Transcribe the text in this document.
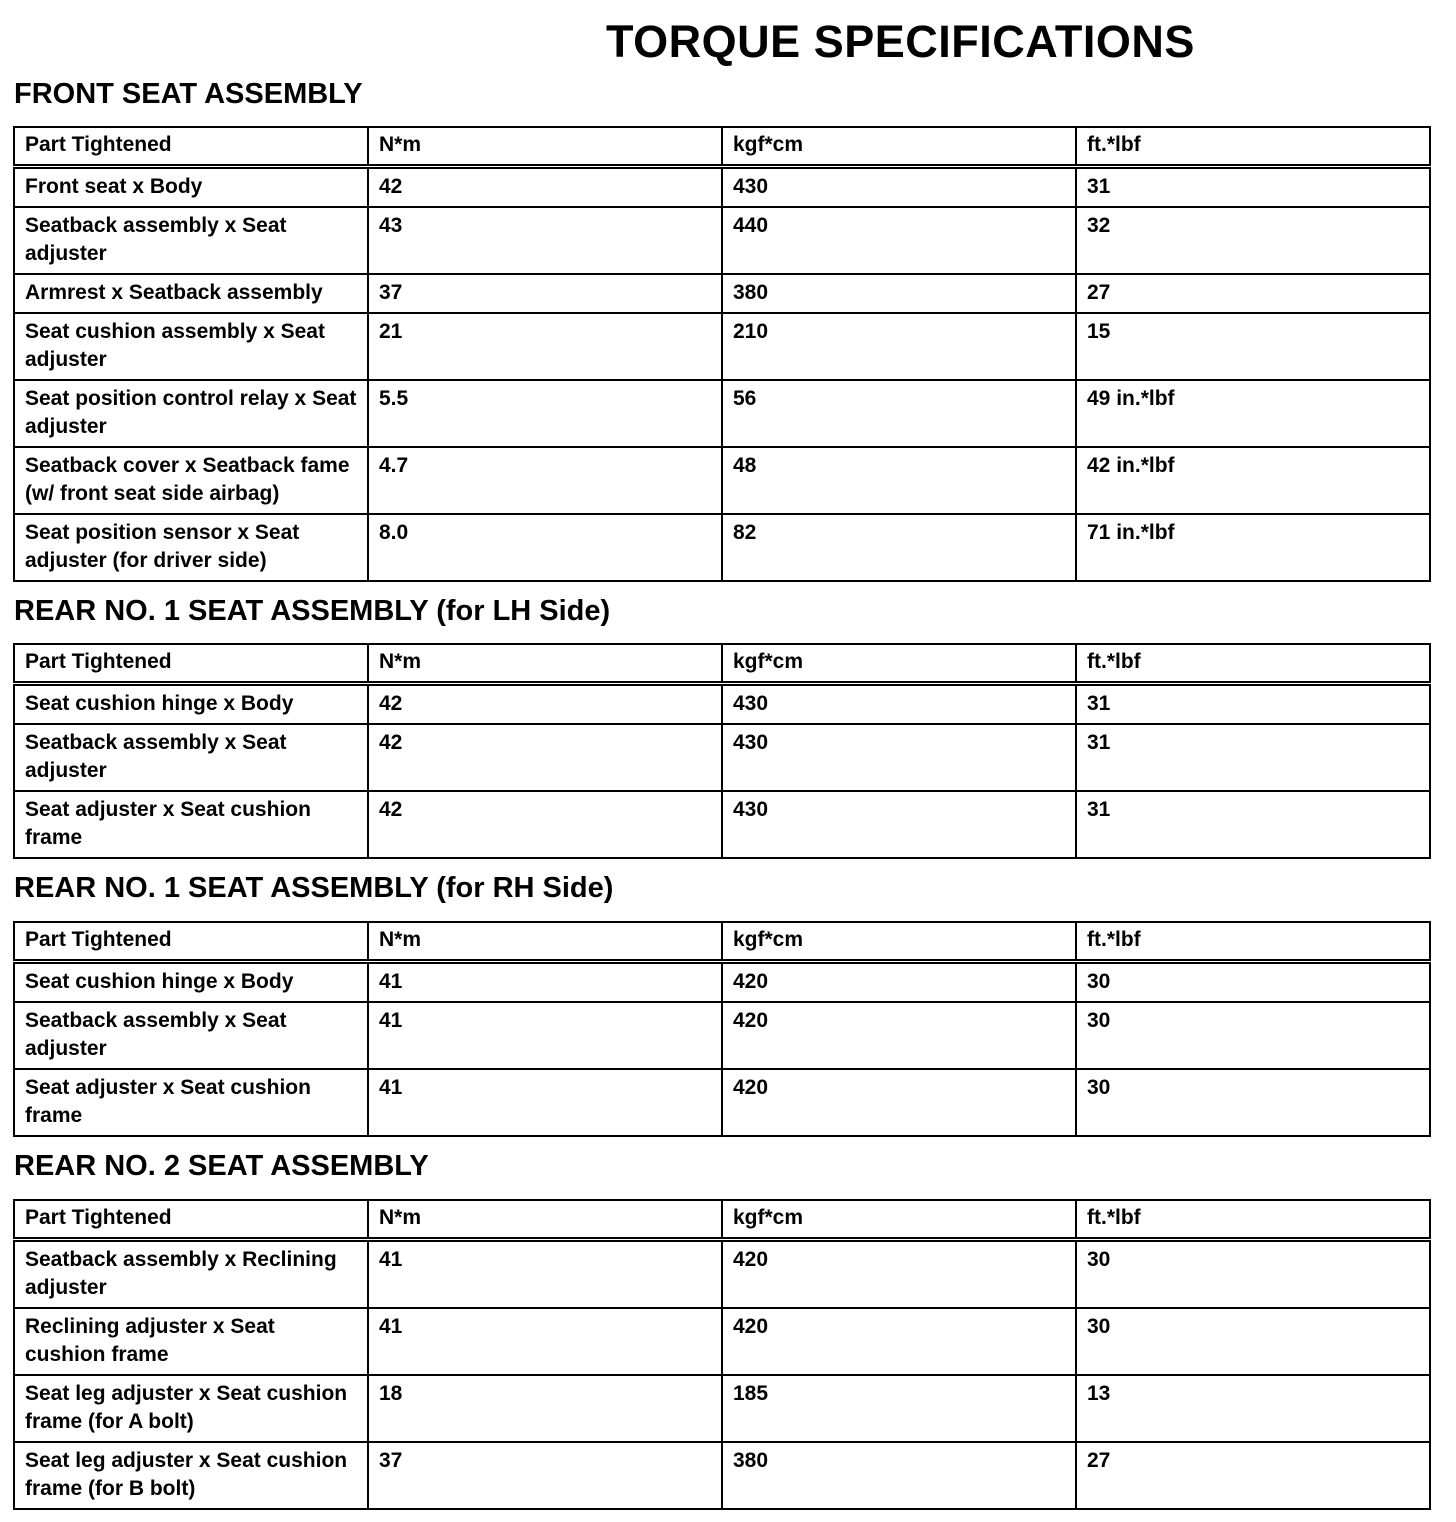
TORQUE SPECIFICATIONS
FRONT SEAT ASSEMBLY
Part Tightened	N*m	kgf*cm	ft.*lbf
Front seat x Body	42	430	31
Seatback assembly x Seat adjuster	43	440	32
Armrest x Seatback assembly	37	380	27
Seat cushion assembly x Seat adjuster	21	210	15
Seat position control relay x Seat adjuster	5.5	56	49 in.*lbf
Seatback cover x Seatback fame (w/ front seat side airbag)	4.7	48	42 in.*lbf
Seat position sensor x Seat adjuster (for driver side)	8.0	82	71 in.*lbf
REAR NO. 1 SEAT ASSEMBLY (for LH Side)
Part Tightened	N*m	kgf*cm	ft.*lbf
Seat cushion hinge x Body	42	430	31
Seatback assembly x Seat adjuster	42	430	31
Seat adjuster x Seat cushion frame	42	430	31
REAR NO. 1 SEAT ASSEMBLY (for RH Side)
Part Tightened	N*m	kgf*cm	ft.*lbf
Seat cushion hinge x Body	41	420	30
Seatback assembly x Seat adjuster	41	420	30
Seat adjuster x Seat cushion frame	41	420	30
REAR NO. 2 SEAT ASSEMBLY
Part Tightened	N*m	kgf*cm	ft.*lbf
Seatback assembly x Reclining adjuster	41	420	30
Reclining adjuster x Seat cushion frame	41	420	30
Seat leg adjuster x Seat cushion frame (for A bolt)	18	185	13
Seat leg adjuster x Seat cushion frame (for B bolt)	37	380	27
